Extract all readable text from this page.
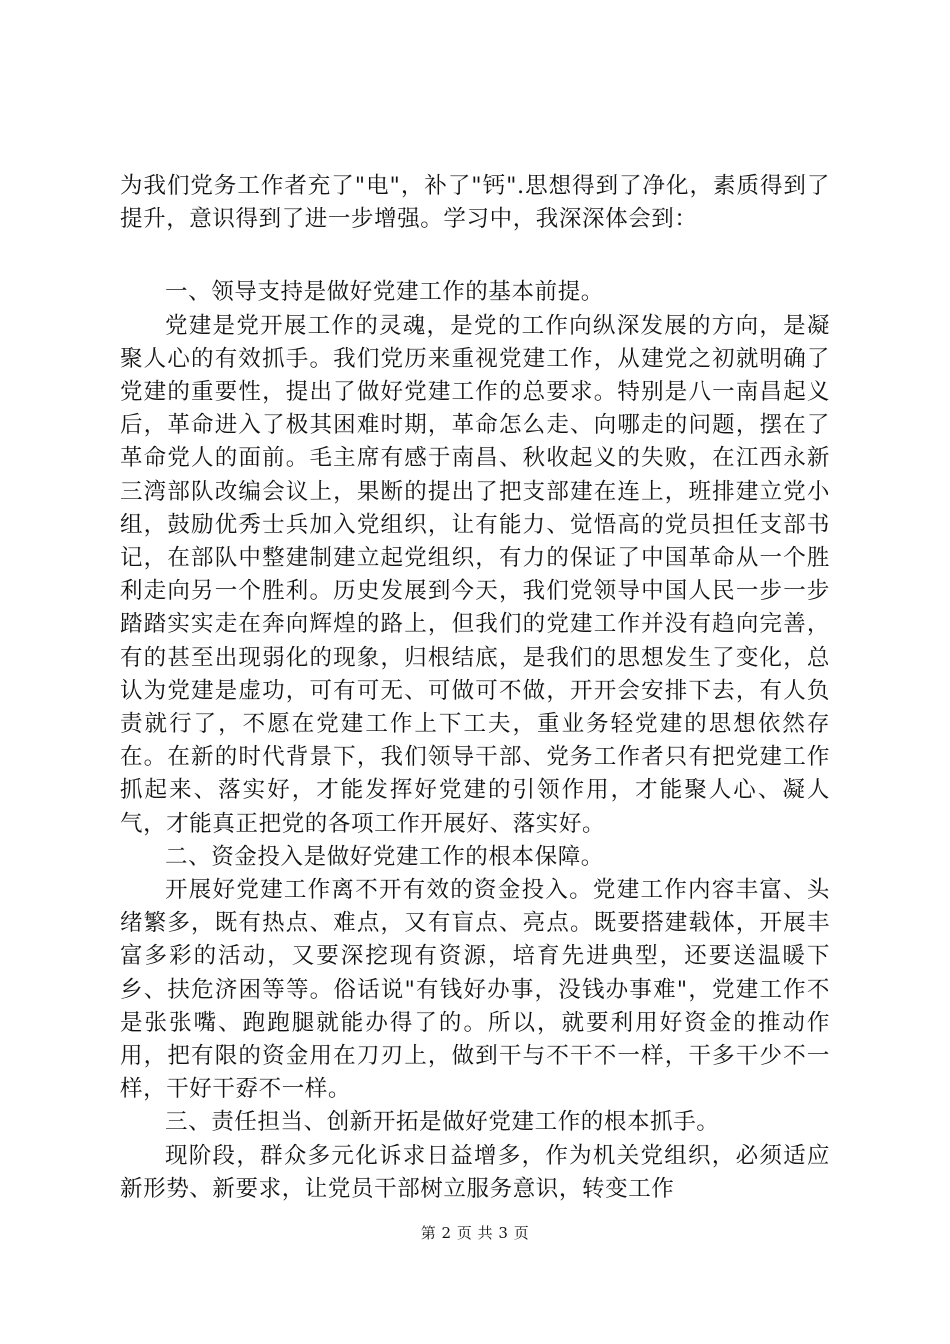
为我们党务工作者充了"电"，补了"钙".思想得到了净化，素质得到了提升，意识得到了进一步增强。学习中，我深深体会到：

一、领导支持是做好党建工作的基本前提。

党建是党开展工作的灵魂，是党的工作向纵深发展的方向，是凝聚人心的有效抓手。我们党历来重视党建工作，从建党之初就明确了党建的重要性，提出了做好党建工作的总要求。特别是八一南昌起义后，革命进入了极其困难时期，革命怎么走、向哪走的问题，摆在了革命党人的面前。毛主席有感于南昌、秋收起义的失败，在江西永新三湾部队改编会议上，果断的提出了把支部建在连上，班排建立党小组，鼓励优秀士兵加入党组织，让有能力、觉悟高的党员担任支部书记，在部队中整建制建立起党组织，有力的保证了中国革命从一个胜利走向另一个胜利。历史发展到今天，我们党领导中国人民一步一步踏踏实实走在奔向辉煌的路上，但我们的党建工作并没有趋向完善，有的甚至出现弱化的现象，归根结底，是我们的思想发生了变化，总认为党建是虚功，可有可无、可做可不做，开开会安排下去，有人负责就行了，不愿在党建工作上下工夫，重业务轻党建的思想依然存在。在新的时代背景下，我们领导干部、党务工作者只有把党建工作抓起来、落实好，才能发挥好党建的引领作用，才能聚人心、凝人气，才能真正把党的各项工作开展好、落实好。

二、资金投入是做好党建工作的根本保障。

开展好党建工作离不开有效的资金投入。党建工作内容丰富、头绪繁多，既有热点、难点，又有盲点、亮点。既要搭建载体，开展丰富多彩的活动，又要深挖现有资源，培育先进典型，还要送温暖下乡、扶危济困等等。俗话说"有钱好办事，没钱办事难"，党建工作不是张张嘴、跑跑腿就能办得了的。所以，就要利用好资金的推动作用，把有限的资金用在刀刃上，做到干与不干不一样，干多干少不一样，干好干孬不一样。

三、责任担当、创新开拓是做好党建工作的根本抓手。

现阶段，群众多元化诉求日益增多，作为机关党组织，必须适应新形势、新要求，让党员干部树立服务意识，转变工作

第 2 页 共 3 页
